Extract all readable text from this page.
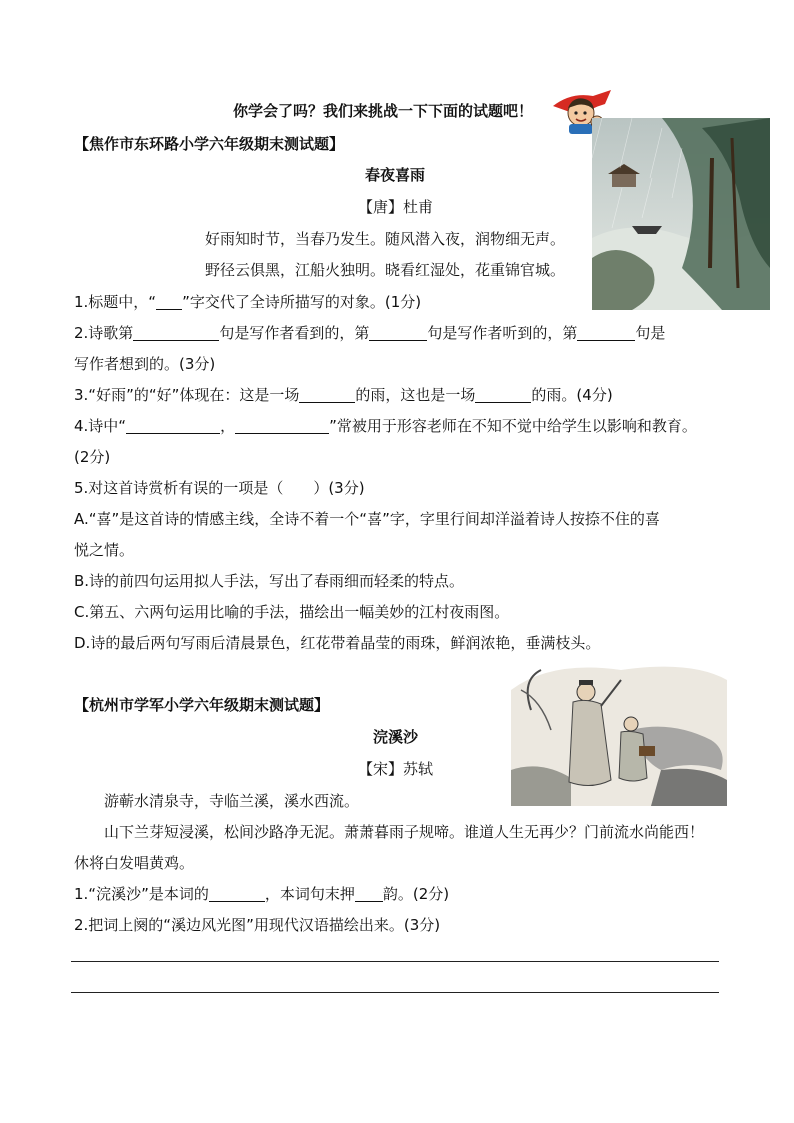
你学会了吗？我们来挑战一下下面的试题吧！
【焦作市东环路小学六年级期末测试题】
春夜喜雨
【唐】杜甫
好雨知时节，当春乃发生。随风潜入夜，润物细无声。
野径云俱黑，江船火独明。晓看红湿处，花重锦官城。
1.标题中，“ ”字交代了全诗所描写的对象。(1分)
2.诗歌第	句是写作者看到的，第	句是写作者听到的，第	句是
写作者想到的。(3分)
3.“好雨”的“好”体现在：这是一场	的雨，这也是一场	的雨。(4分)
4.诗中“	，	”常被用于形容老师在不知不觉中给学生以影响和教育。
(2分)
5.对这首诗赏析有误的一项是（　　）(3分)
A.“喜”是这首诗的情感主线，全诗不着一个“喜”字，字里行间却洋溢着诗人按捺不住的喜
悦之情。
B.诗的前四句运用拟人手法，写出了春雨细而轻柔的特点。
C.第五、六两句运用比喻的手法，描绘出一幅美妙的江村夜雨图。
D.诗的最后两句写雨后清晨景色，红花带着晶莹的雨珠，鲜润浓艳，垂满枝头。
【杭州市学军小学六年级期末测试题】
浣溪沙
【宋】苏轼
游蕲水清泉寺，寺临兰溪，溪水西流。
山下兰芽短浸溪，松间沙路净无泥。萧萧暮雨子规啼。谁道人生无再少？门前流水尚能西！
休将白发唱黄鸡。
1.“浣溪沙”是本词的	，本词句末押 韵。(2分)
2.把词上阕的“溪边风光图”用现代汉语描绘出来。(3分)
